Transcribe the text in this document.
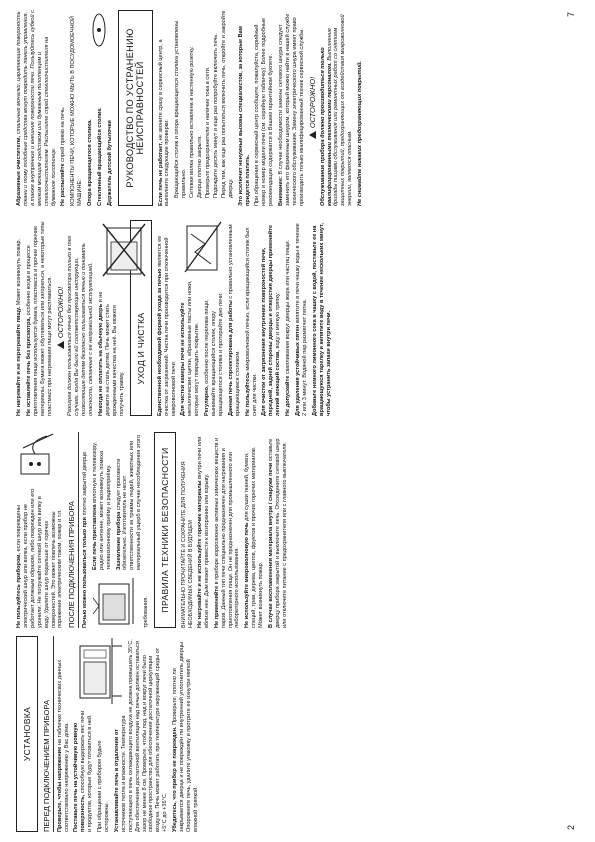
2
7
УСТАНОВКА	ПЕРЕД ПОДКЛЮЧЕНИЕМ ПРИБОРА Проверьте, чтобы напряжение на табличке технических данных соответствовало напряжению у Вас дома. Поставьте печь на устойчивую ровную поверхность, способную выдержать вес печи и продуктов, которые будут готовиться в ней. При обращении с прибором будьте осторожны. Устанавливайте печь в отдалении от источников тепла и влажности. Температура поступающего в печь охлаждающего воздуха не должна превышать 35°С. Для обеспечения достаточной вентиляции над печью должен оставаться зазор не менее 8 см. Проверьте, чтобы под, над и вокруг печи было свободное пространство для обеспечения достаточной циркуляции воздуха. Печь может работать при температуре окружающей среды от +5°С до +35°С. Убедитесь, что прибор не поврежден. Проверьте, плотно ли закрывается дверца и не повреждён ли внутренний уплотнитель дверцы. Опорожните печь, удалите упаковку и протрите ее изнутри мягкой влажной тряпкой.

Не пользуйтесь прибором, если повреждены электрический шнур или вилка, если прибор не работает должным образом, либо поврежден или его уронили. Не погружайте сетевой шнур или вилку в воду. Удалите шнур подальше от горячих поверхностей. Это может повлечь возможны поражение электрическим током, пожар и т.п. ПОСЛЕ ПОДКЛЮЧЕНИЯ ПРИБОРА Печью можно пользоваться только при плотно закрытой дверце.

Если печь приставлена вплотную к телевизору, радио или антенне, может возникнуть помеха телевизионному приёму и радиоприёму. Заземление прибора следует произвести обязательно. Изготовитель не несет ответственности за травмы людей, животных или материальный ущерб в случае несоблюдения этого требования.	ПРАВИЛА ТЕХНИКИ БЕЗОПАСНОСТИ	ВНИМАТЕЛЬНО ПРОЧИТАЙТЕ И СОХРАНИТЕ ДЛЯ ПОЛУЧЕНИЯ НЕОБХОДИМЫХ СВЕДЕНИЙ В БУДУЩЕМ Не нагревайте и не используйте горючие материалы внутри печи или вблизи нее. Дым может привести к возгоранию или взрыву. Не применяйте в приборе коррозионно активных химических веществ и паров. Данный тип печи специально предназначен для нагревания и приготовления пищи. Он не предназначен для промышленного или лабораторного использования. Не используйте микроволновую печь для сушки тканей, бумаги, специй, трав, дерева, цветов, фруктов и прочих горючих материалов. Может возникнуть пожар. В случае воспламенения материала внутри / снаружи печи оставьте дверцу прибора закрытой и выключите печь. Отсоедините сетевой шнур или отключите питание с предохранителя или с главного выключателя.

Не нагревайте и не перегревайте пищу. Может возникнуть пожар.

Не оставляйте печь без присмотра, особенно когда в процессе приготовления пищи используется бумага, пластмасса и прочие горючие материалы. Бумага может обугливаться или загораться, а некоторые типы пластмасс при нагревании пищи могут расплавиться. ОСТОРОЖНО! Разогрев должен пользоваться печью без присмотра только в тех случаях, когда Вы были ей соответствующие инструкции, позволяющие детям безопасно пользоваться печью и понимать опасности, связанные с ее неправильной эксплуатацией. Никогда не оплатить на обычную дверь и не держите на сталь детям. Печь может стать врожденными качества на неё. Вы можете получить травму.

УХОД И ЧИСТКА	Единственной необходимой формой ухода за печью является ее очистка от загрязнений. Чистка печи производится при отключенной микроволновой печи. Для чистки камеры печи не используйте металлические щетки, абразивные пасты или ножи, которые могут повредить покрытие. Регулярно, особенно после перелива пищи, вынимайте вращающийся столик, опору вращающегося столика и протирайте дно печи. Данная печь спроектирована для работы с правильно установленным вращающимся столиком. Не пользуйтесь микроволновой печью, если вращающийся столик был снят для чистки. Для очистки от загрязнения внутренних поверхностей печи, передней, задней стороны дверцы и отверстия дверцы применяйте легкий моющий состав, воду и мягкую тряпку.

Не допускайте скапливания вокруг дверцы жира или частиц пищи. Для удаления устойчивых пятен кипятите в печи чашку воды в течение 2 или 3 минут. Водяной пар размягчит пятна. Добавьте немного лимонного сока в чашку с водой, поставьте ее на вращающуюся тарелку и кипятите воду в течение нескольких минут, чтобы устранить запахи внутри печи.

Абразивные очистители, стальные мочалки, царапающие поверхность ткани и тому подобные средства могут повредить панель управления, а также внутренние и внешние поверхности печи. Пользуйтесь губкой с мягким моющим средством или бумажным полотенцем и стеклоочистителем. Распылите спрей стеклоочистителя на бумажное полотенце. Не распыляйте спрей прямо на печь. КОМПОНЕНТЫ ПЕЧИ, КОТОРЫЕ МОЖНО МЫТЬ В ПОСУДОМОЕЧНОЙ МАШИНЕ: Опора вращающегося столика. Стеклянный вращающийся столик. Держатель детской бутылочки	РУКОВОДСТВО ПО УСТРАНЕНИЮ НЕИСПРАВНОСТЕЙ

Если печь не работает, не звоните сразу в сервисный центр, а выполните следующие проверки: • Вращающийся столик и опора вращающегося столика установлены правильно. • Сетевая вилка правильно вставлена в настенную розетку. • Дверца плотно закрыта. • Проверьте предохранители и наличие тока в сети. • Подождите десять минут и еще раз попробуйте включить печь. • Перед тем, как еще раз попытаться включить печь, откройте и закройте дверцу. Это исключит ненужные вызовы специалистов, за которые Вам придется платить. При обращении в сервисный центр сообщите, пожалуйста, серийный номер и номер модели печи (см. серийную табличку). Более подробные рекомендации содержатся в Вашем гарантийном буклете. Внимание: В случае необходимости замены сетевого шнура следует заменить его фирменным шнуром, который можно найти в нашей службе технического обслуживания. Замену электрического шнура имеет право производить только квалифицированный техник сервисной службы. ОСТОРОЖНО! Обслуживание прибора должно производиться только квалифицированными техническими персоналом. Выполнение бригады пищами обслуживания или ремонтных работ со снятием защитных покрытий, предохраняющих от воздействия микроволновой энергии, является опасным. Не снимайте никаких предохраняющих покрытий.
